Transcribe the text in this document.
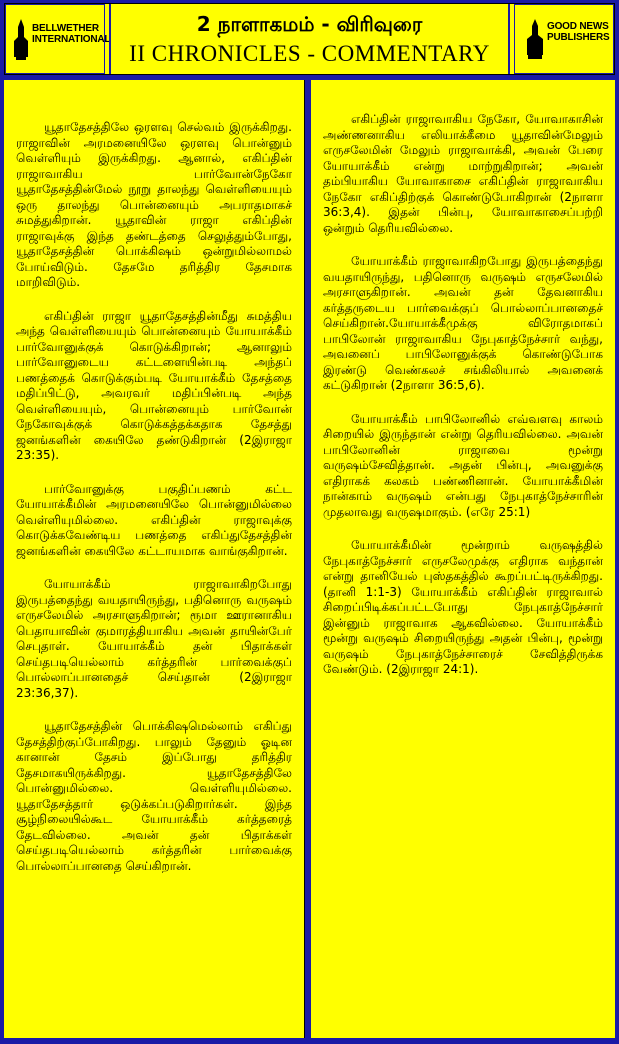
BELLWETHER
INTERNATIONAL
2 நாளாகமம் - விரிவுரை
II CHRONICLES - COMMENTARY
GOOD NEWS
PUBLISHERS

யூதாதேசத்திலே ஒரளவு செல்வம் இருக்கிறது. ராஜாவின் அரமனையிலே ஒரளவு பொன்னும் வெள்ளியும் இருக்கிறது. ஆனால், எகிப்தின் ராஜாவாகிய பார்வோன்நேகோ யூதாதேசத்தின்மேல் நூறு தாலந்து வெள்ளியையும் ஒரு தாலந்து பொன்னையும் அபராதமாகச் சுமத்துகிறான். யூதாவின் ராஜா எகிப்தின் ராஜாவுக்கு இந்த தண்டத்தை செலுத்தும்போது, யூதாதேசத்தின் பொக்கிஷம் ஒன்றுமில்லாமல் போய்விடும். தேசமே தரித்திர தேசமாக மாறிவிடும்.

எகிப்தின் ராஜா யூதாதேசத்தின்மீது சுமத்திய அந்த வெள்ளியையும் பொன்னையும் யோயாக்கீம் பார்வோனுக்குக் கொடுக்கிறான்; ஆனாலும் பார்வோனுடைய கட்டளையின்படி அந்தப் பணத்தைக் கொடுக்கும்படி யோயாக்கீம் தேசத்தை மதிப்பிட்டு, அவரவர் மதிப்பின்படி அந்த வெள்ளியையும், பொன்னையும் பார்வோன் நேகோவுக்குக் கொடுக்கத்தக்கதாக தேசத்து ஜனங்களின் கையிலே தண்டுகிறான் (2இராஜா 23:35).

பார்வோனுக்கு பகுதிப்பணம் கட்ட யோயாக்கீமின் அரமனையிலே பொன்னுமில்லை வெள்ளியுமில்லை. எகிப்தின் ராஜாவுக்கு கொடுக்கவேண்டிய பணத்தை எகிப்துதேசத்தின் ஜனங்களின் கையிலே கட்டாயமாக வாங்குகிறான்.

யோயாக்கீம் ராஜாவாகிறபோது இருபத்தைந்து வயதாயிருந்து, பதினொரு வருஷம் எருசலேமில் அரசாளுகிறான்; ரூமா ஊரானாகிய பெதாயாவின் குமாரத்தியாகிய அவன் தாயின்பேர் செபுதாள். யோயாக்கீம் தன் பிதாக்கள் செய்தபடியெல்லாம் கர்த்தரின் பார்வைக்குப் பொல்லாப்பானதைச் செய்தான் (2இராஜா 23:36,37).

யூதாதேசத்தின் பொக்கிஷமெல்லாம் எகிப்து தேசத்திற்குப்போகிறது. பாலும் தேனும் ஓடின கானான் தேசம் இப்போது தரித்திர தேசமாகயிருக்கிறது. யூதாதேசத்திலே பொன்னுமில்லை. வெள்ளியுமில்லை. யூதாதேசத்தார் ஒடுக்கப்படுகிறார்கள். இந்த சூழ்நிலையில்கூட யோயாக்கீம் கர்த்தரைத் தேடவில்லை. அவன் தன் பிதாக்கள் செய்தபடியெல்லாம் கர்த்தரின் பார்வைக்கு பொல்லாப்பானதை செய்கிறான்.

எகிப்தின் ராஜாவாகிய நேகோ, யோவாகாசின் அண்ணனாகிய எலியாக்கீமை யூதாவின்மேலும் எருசலேமின் மேலும் ராஜாவாக்கி, அவன் பேரை யோயாக்கீம் என்று மாற்றுகிறான்; அவன் தம்பியாகிய யோவாகாசை எகிப்தின் ராஜாவாகிய நேகோ எகிப்திற்குக் கொண்டுபோகிறான் (2நாளா 36:3,4). இதன் பின்பு, யோவாகாசைப்பற்றி ஒன்றும் தெரியவில்லை.

யோயாக்கீம் ராஜாவாகிறபோது இருபத்தைந்து வயதாயிருந்து, பதினொரு வருஷம் எருசலேமில் அரசாளுகிறான். அவன் தன் தேவனாகிய கர்த்தருடைய பார்வைக்குப் பொல்லாப்பானதைச் செய்கிறான்.யோயாக்கீமுக்கு விரோதமாகப் பாபிலோன் ராஜாவாகிய நேபுகாத்நேச்சார் வந்து, அவனைப் பாபிலோனுக்குக் கொண்டுபோக இரண்டு வெண்கலச் சங்கிலியால் அவனைக் கட்டுகிறான் (2நாளா 36:5,6).

யோயாக்கீம் பாபிலோனில் எவ்வளவு காலம் சிறையில் இருந்தான் என்று தெரியவில்லை. அவன் பாபிலோனின் ராஜாவை மூன்று வருஷம்சேவித்தான். அதன் பின்பு, அவனுக்கு எதிராகக் கலகம் பண்ணினான். யோயாக்கீமின் நான்காம் வருஷம் என்பது நேபுகாத்நேச்சாரின் முதலாவது வருஷமாகும். (எரே 25:1)

யோயாக்கீமின் மூன்றாம் வருஷத்தில் நேபுகாத்நேச்சார் எருசலேமுக்கு எதிராக வந்தான் என்று தானியேல் புஸ்தகத்தில் கூறப்பட்டிருக்கிறது. (தானி 1:1-3) யோயாக்கீம் எகிப்தின் ராஜாவால் சிறைப்பிடிக்கப்பட்டபோது நேபுகாத்நேச்சார் இன்னும் ராஜாவாக ஆகவில்லை. யோயாக்கீம் மூன்று வருஷம் சிறையிருந்து அதன் பின்பு, மூன்று வருஷம் நேபுகாத்நேச்சாரைச் சேவித்திருக்க வேண்டும். (2இராஜா 24:1).
